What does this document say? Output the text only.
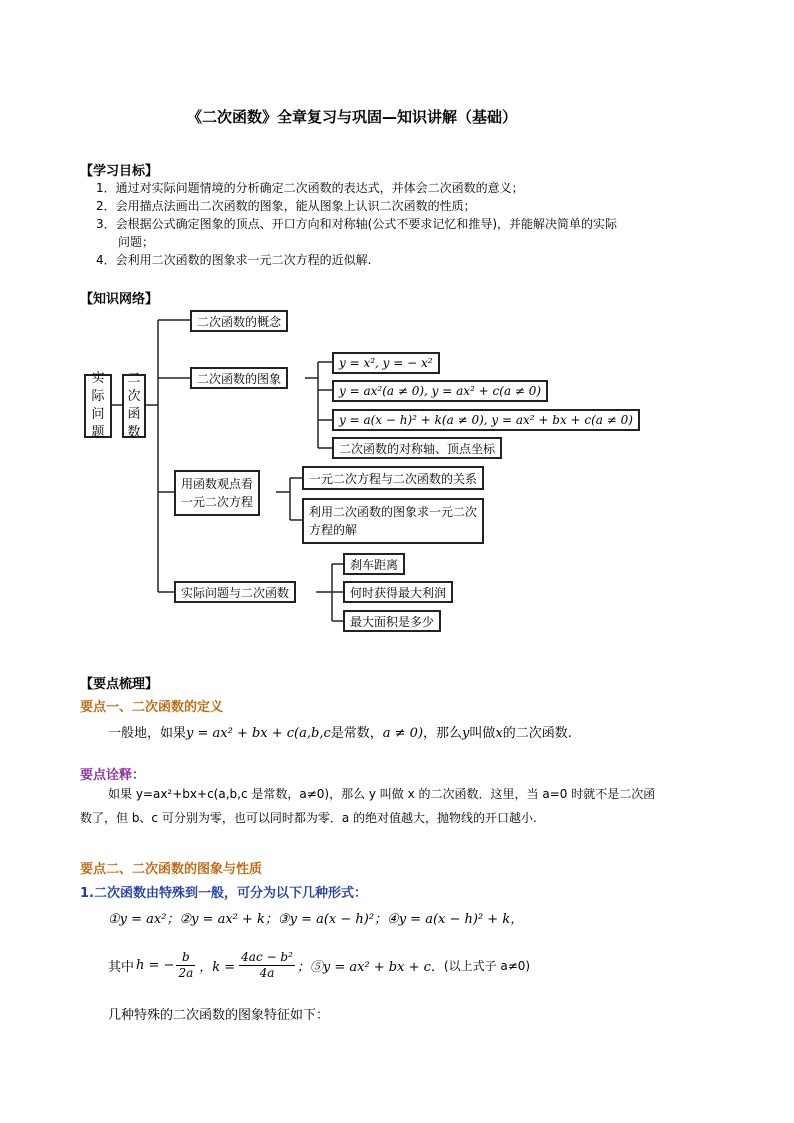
《二次函数》全章复习与巩固—知识讲解（基础）
【学习目标】
1．通过对实际问题情境的分析确定二次函数的表达式，并体会二次函数的意义；
2．会用描点法画出二次函数的图象，能从图象上认识二次函数的性质；
3．会根据公式确定图象的顶点、开口方向和对称轴(公式不要求记忆和推导)，并能解决简单的实际
问题；
4．会利用二次函数的图象求一元二次方程的近似解.
【知识网络】
实
际
问
题
二
次
函
数
二次函数的概念
二次函数的图象
y = x², y = − x²
y = ax²(a ≠ 0), y = ax² + c(a ≠ 0)
y = a(x − h)² + k(a ≠ 0), y = ax² + bx + c(a ≠ 0)
二次函数的对称轴、顶点坐标
用函数观点看
一元二次方程
一元二次方程与二次函数的关系
利用二次函数的图象求一元二次
方程的解
实际问题与二次函数
刹车距离
何时获得最大利润
最大面积是多少
【要点梳理】
要点一、二次函数的定义
一般地，如果y = ax² + bx + c(a,b,c是常数，a ≠ 0)，那么y叫做x的二次函数.
要点诠释：
如果 y=ax²+bx+c(a,b,c 是常数，a≠0)，那么 y 叫做 x 的二次函数．这里，当 a=0 时就不是二次函
数了，但 b、c 可分别为零，也可以同时都为零．a 的绝对值越大，抛物线的开口越小.
要点二、二次函数的图象与性质
1.二次函数由特殊到一般，可分为以下几种形式：
①y = ax²；②y = ax² + k；③y = a(x − h)²；④y = a(x − h)² + k，
其中 h = − $\frac{b}{2a}$ ，$k = \frac{\text{4ac − b²}}{4a}$ ；⑤y = ax² + bx + c． (以上式子 a≠0)
几种特殊的二次函数的图象特征如下：
